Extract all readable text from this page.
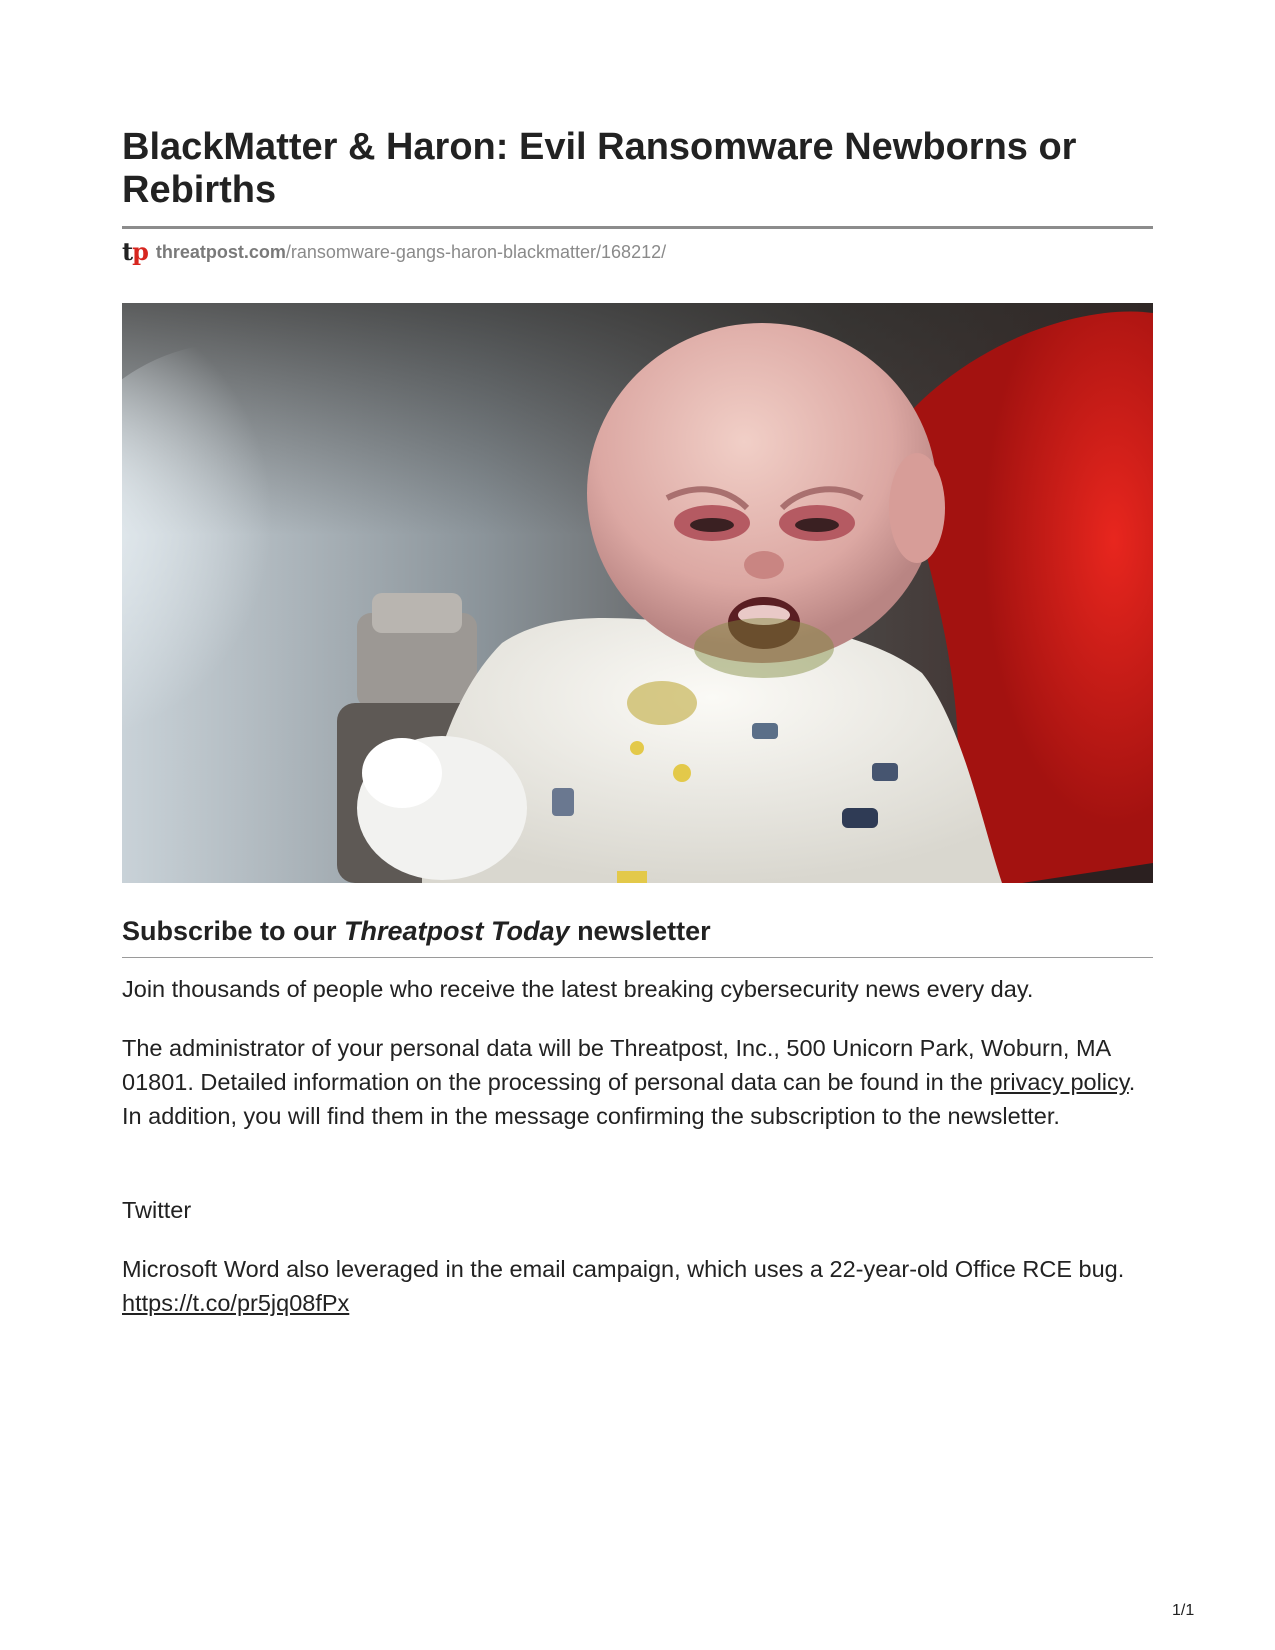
BlackMatter & Haron: Evil Ransomware Newborns or Rebirths
tp threatpost.com /ransomware-gangs-haron-blackmatter/168212/
Subscribe to our Threatpost Today newsletter

Join thousands of people who receive the latest breaking cybersecurity news every day.

The administrator of your personal data will be Threatpost, Inc., 500 Unicorn Park, Woburn, MA 01801. Detailed information on the processing of personal data can be found in the privacy policy. In addition, you will find them in the message confirming the subscription to the newsletter.

Twitter

Microsoft Word also leveraged in the email campaign, which uses a 22-year-old Office RCE bug. https://t.co/pr5jq08fPx

1/1
